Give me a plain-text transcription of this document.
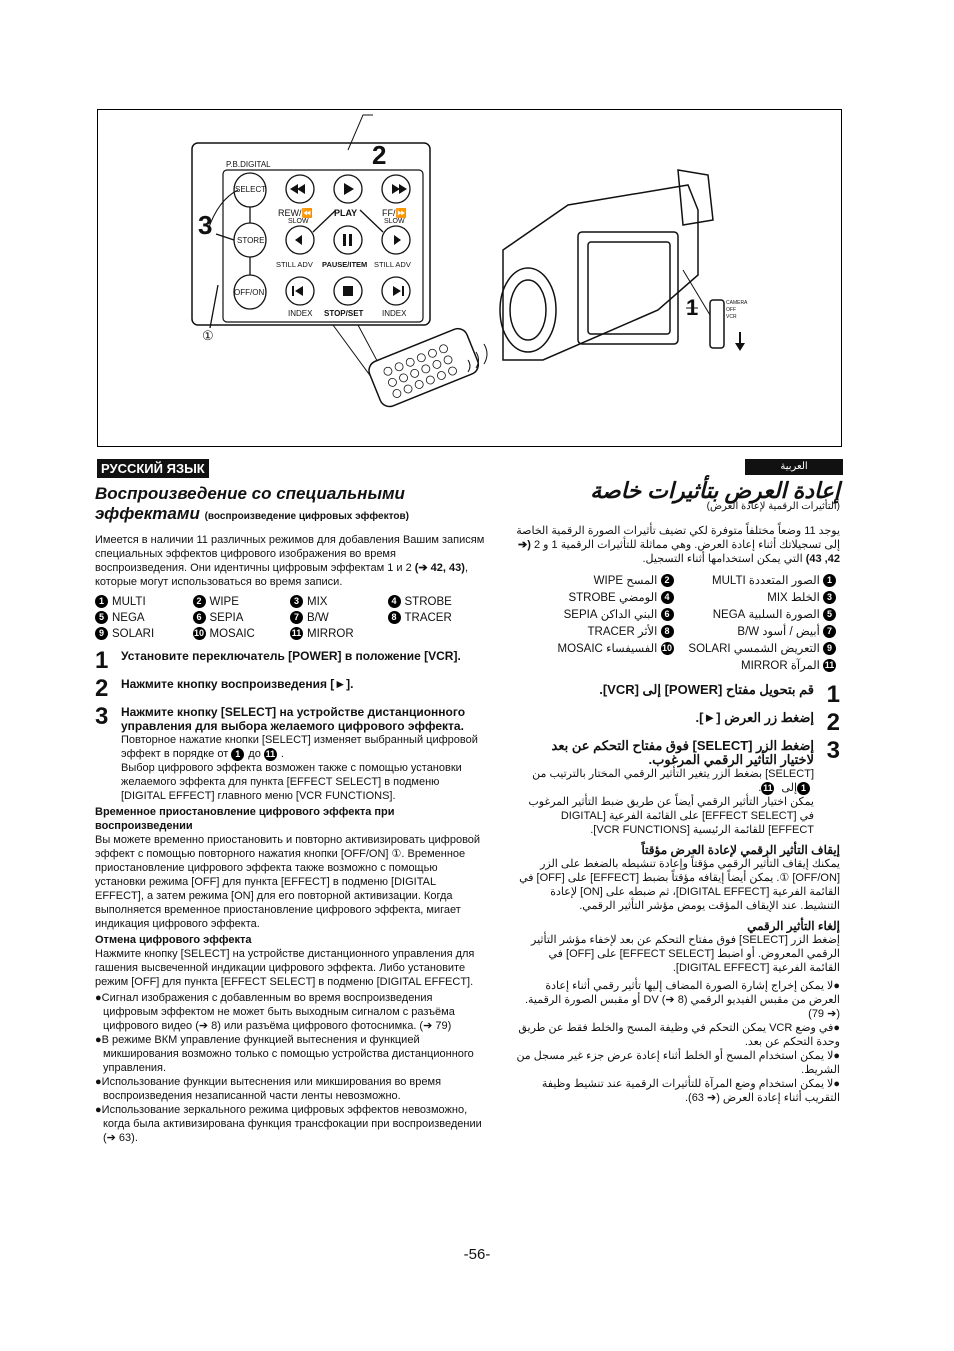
P.B.DIGITAL	2
3
1
①
SELECT
STORE
OFF/ON
REW/⏪ PLAY	FF/⏩
SLOW	SLOW
STILL ADV PAUSE/ITEM STILL ADV
INDEX STOP/SET INDEX
CAMERA
OFF
VCR
РУССКИЙ ЯЗЫК	العربية
Воспроизведение со специальными
эффектами (воспроизведение цифровых эффектов)
Имеется в наличии 11 различных режимов для добавления Вашим записям специальных эффектов цифрового изображения во время воспроизведения. Они идентичны цифровым эффектам 1 и 2 (➔ 42, 43), которые могут использоваться во время записи.
1 MULTI	2 WIPE	3 MIX	4 STROBE
5 NEGA	6 SEPIA	7 B/W	8 TRACER
9 SOLARI	10 MOSAIC	11 MIRROR
1 Установите переключатель [POWER] в положение [VCR].
2 Нажмите кнопку воспроизведения [►].
3	Нажмите кнопку [SELECT] на устройстве дистанционного управления для выбора желаемого цифрового эффекта.
Повторное нажатие кнопки [SELECT] изменяет выбранный цифровой эффект в порядке от 1 до 11 .
Выбор цифрового эффекта возможен также с помощью установки желаемого эффекта для пункта [EFFECT SELECT] в подменю [DIGITAL EFFECT] главного меню [VCR FUNCTIONS].
Временное приостановление цифрового эффекта при воспроизведении
Вы можете временно приостановить и повторно активизировать цифровой эффект с помощью повторного нажатия кнопки [OFF/ON] ①. Временное приостановление цифрового эффекта также возможно с помощью установки режима [OFF] для пункта [EFFECT] в подменю [DIGITAL EFFECT], а затем режима [ON] для его повторной активизации. Когда выполняется временное приостановление цифрового эффекта, мигает индикация цифрового эффекта.
Отмена цифрового эффекта
Нажмите кнопку [SELECT] на устройстве дистанционного управления для гашения высвеченной индикации цифрового эффекта. Либо установите режим [OFF] для пункта [EFFECT SELECT] в подменю [DIGITAL EFFECT].
●Сигнал изображения с добавленным во время воспроизведения цифровым эффектом не может быть выходным сигналом с разъёма цифрового видео (➔ 8) или разъёма цифрового фотоснимка. (➔ 79)
●В режиме ВКМ управление функцией вытеснения и функцией микширования возможно только с помощью устройства дистанционного управления.
●Использование функции вытеснения или микширования во время воспроизведения незаписанной части ленты невозможно.
●Использование зеркального режима цифровых эффектов невозможно, когда была активизирована функция трансфокации при воспроизведении (➔ 63).
إعادة العرض بتأثيرات خاصة
(التأثيرات الرقمية لإعادة العرض)
يوجد 11 وضعاً مختلفاً متوفرة لكي تضيف تأثيرات الصورة الرقمية الخاصة إلى تسجيلاتك أثناء إعادة العرض. وهي مماثلة للتأثيرات الرقمية 1 و 2 (➔ 42, 43) التي يمكن استخدامها أثناء التسجيل.
1 الصور المتعددة MULTI
2 المسح WIPE
3 الخلط MIX
4 الومضي STROBE
5 الصورة السلبية NEGA
6 البني الداكن SEPIA
7 أبيض / أسود B/W
8 الأثر TRACER
9 التعريض الشمسي SOLARI
10 الفسيفساء MOSAIC
11 المرآة MIRROR
1قم بتحويل مفتاح [POWER] إلى [VCR].
2إضغط زر العرض [►].
3
إضغط الزر [SELECT] فوق مفتاح التحكم عن بعد لاختيار التأثير الرقمي المرغوب.
[SELECT] بضغط الزر يتغير التأثير الرقمي المختار بالترتيب من 1إلى 11.
يمكن اختيار التأثير الرقمي أيضاً عن طريق ضبط التأثير المرغوب في [EFFECT SELECT] على القائمة الفرعية [DIGITAL EFFECT] للقائمة الرئيسية [VCR FUNCTIONS].
إيقاف التأثير الرقمي لإعادة العرض مؤقتاً
يمكنك إيقاف التأثير الرقمي مؤقتاً وإعادة تنشيطه بالضغط على الزر [OFF/ON] ①. يمكن أيضاً إيقافه مؤقتاً بضبط [EFFECT] على [OFF] في القائمة الفرعية [DIGITAL EFFECT]، ثم ضبطه على [ON] لإعادة التنشيط. عند الإيقاف المؤقت يومض مؤشر التأثير الرقمي.
إلغاء التأثير الرقمي
إضغط الزر [SELECT] فوق مفتاح التحكم عن بعد لإخفاء مؤشر التأثير الرقمي المعروض. أو اضبط [EFFECT SELECT] على [OFF] في القائمة الفرعية [DIGITAL EFFECT].
●لا يمكن إخراج إشارة الصورة المضاف إليها تأثير رقمي أثناء إعادة العرض من مقبس الفيديو الرقمي DV (➔ 8) أو مقبس الصورة الرقمية. (➔ 79)
●في وضع VCR يمكن التحكم في وظيفة المسح والخلط فقط عن طريق وحدة التحكم عن بعد.
●لا يمكن استخدام المسح أو الخلط أثناء إعادة عرض جزء غير مسجل من الشريط.
●لا يمكن استخدام وضع المرآة للتأثيرات الرقمية عند تنشيط وظيفة التقريب أثناء إعادة العرض (➔ 63).
-56-
